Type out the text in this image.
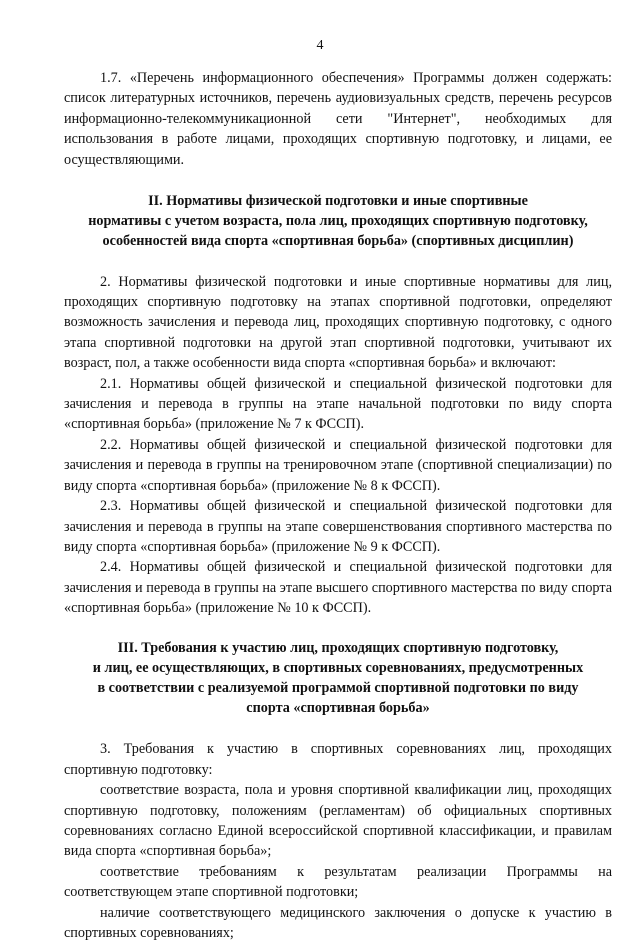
4

1.7. «Перечень информационного обеспечения» Программы должен содержать: список литературных источников, перечень аудиовизуальных средств, перечень ресурсов информационно-телекоммуникационной сети "Интернет", необходимых для использования в работе лицами, проходящих спортивную подготовку, и лицами, ее осуществляющими.

II. Нормативы физической подготовки и иные спортивные
нормативы с учетом возраста, пола лиц, проходящих спортивную подготовку,
особенностей вида спорта «спортивная борьба» (спортивных дисциплин)

2. Нормативы физической подготовки и иные спортивные нормативы для лиц, проходящих спортивную подготовку на этапах спортивной подготовки, определяют возможность зачисления и перевода лиц, проходящих спортивную подготовку, с одного этапа спортивной подготовки на другой этап спортивной подготовки, учитывают их возраст, пол, а также особенности вида спорта «спортивная борьба» и включают:

2.1. Нормативы общей физической и специальной физической подготовки для зачисления и перевода в группы на этапе начальной подготовки по виду спорта «спортивная борьба» (приложение № 7 к ФССП).

2.2. Нормативы общей физической и специальной физической подготовки для зачисления и перевода в группы на тренировочном этапе (спортивной специализации) по виду спорта «спортивная борьба» (приложение № 8 к ФССП).

2.3. Нормативы общей физической и специальной физической подготовки для зачисления и перевода в группы на этапе совершенствования спортивного мастерства по виду спорта «спортивная борьба» (приложение № 9 к ФССП).

2.4. Нормативы общей физической и специальной физической подготовки для зачисления и перевода в группы на этапе высшего спортивного мастерства по виду спорта «спортивная борьба» (приложение № 10 к ФССП).

III. Требования к участию лиц, проходящих спортивную подготовку,
и лиц, ее осуществляющих, в спортивных соревнованиях, предусмотренных
в соответствии с реализуемой программой спортивной подготовки по виду
спорта «спортивная борьба»

3. Требования к участию в спортивных соревнованиях лиц, проходящих спортивную подготовку:

соответствие возраста, пола и уровня спортивной квалификации лиц, проходящих спортивную подготовку, положениям (регламентам) об официальных спортивных соревнованиях согласно Единой всероссийской спортивной классификации, и правилам вида спорта «спортивная борьба»;

соответствие требованиям к результатам реализации Программы на соответствующем этапе спортивной подготовки;

наличие соответствующего медицинского заключения о допуске к участию в спортивных соревнованиях;
